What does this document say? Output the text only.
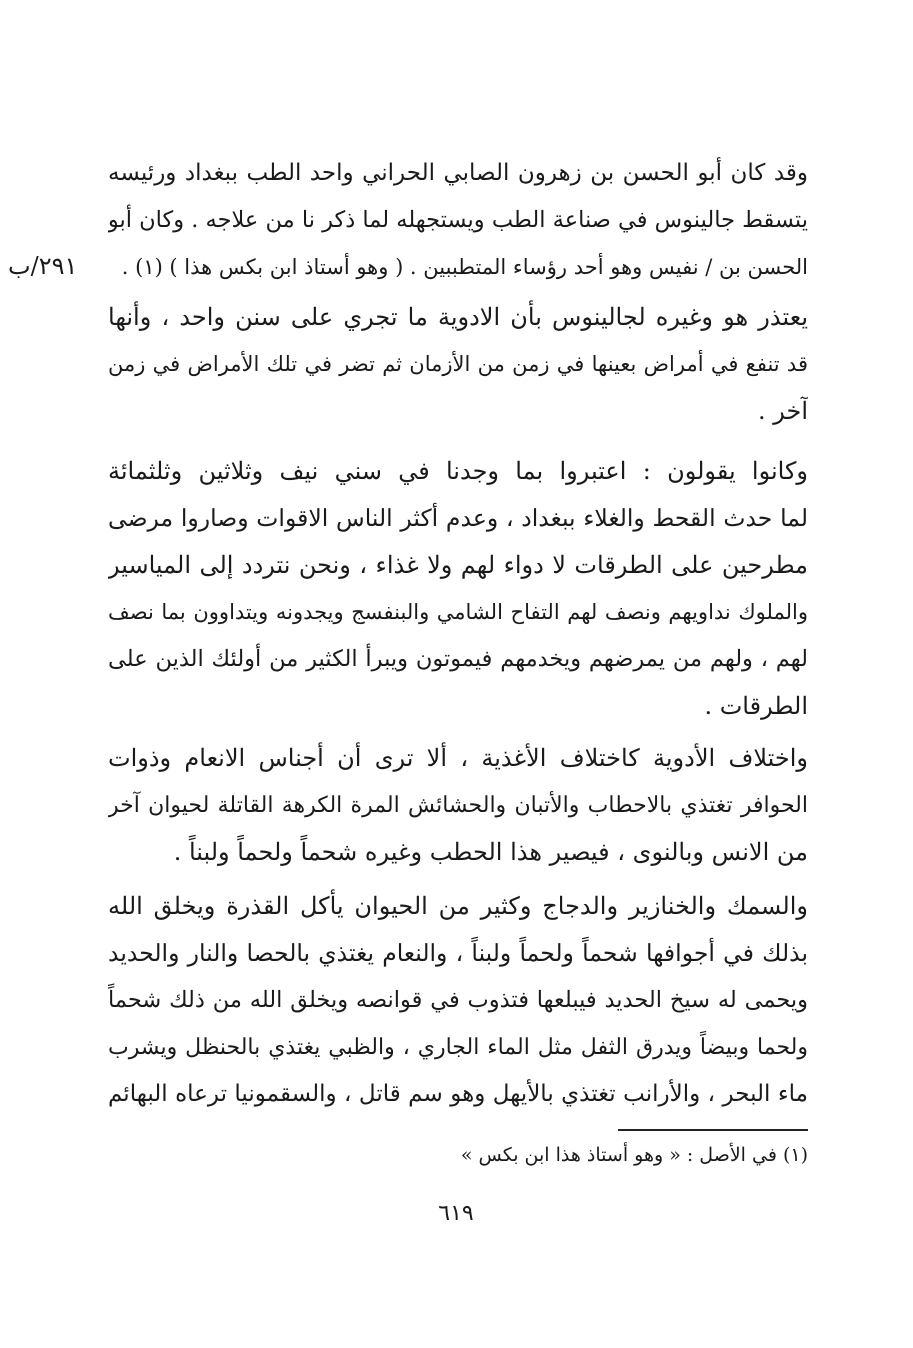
٢٩١/ب
وقد كان أبو الحسن بن زهرون الصابي الحراني واحد الطب ببغداد ورئيسه
يتسقط جالينوس في صناعة الطب ويستجهله لما ذكر نا من علاجه . وكان أبو
الحسن بن / نفيس وهو أحد رؤساء المتطببين . ( وهو أستاذ ابن بكس هذا ) (١) .
يعتذر هو وغيره لجالينوس بأن الادوية ما تجري على سنن واحد ، وأنها
قد تنفع في أمراض بعينها في زمن من الأزمان ثم تضر في تلك الأمراض في زمن
آخر .
وكانوا يقولون : اعتبروا بما وجدنا في سني نيف وثلاثين وثلثمائة
لما حدث القحط والغلاء ببغداد ، وعدم أكثر الناس الاقوات وصاروا مرضى
مطرحين على الطرقات لا دواء لهم ولا غذاء ، ونحن نتردد إلى المياسير
والملوك نداويهم ونصف لهم التفاح الشامي والبنفسج ويجدونه ويتداوون بما نصف
لهم ، ولهم من يمرضهم ويخدمهم فيموتون ويبرأ الكثير من أولئك الذين على
الطرقات .
واختلاف الأدوية كاختلاف الأغذية ، ألا ترى أن أجناس الانعام وذوات
الحوافر تغتذي بالاحطاب والأتبان والحشائش المرة الكرهة القاتلة لحيوان آخر
من الانس وبالنوى ، فيصير هذا الحطب وغيره شحماً ولحماً ولبناً .
والسمك والخنازير والدجاج وكثير من الحيوان يأكل القذرة ويخلق الله
بذلك في أجوافها شحماً ولحماً ولبناً ، والنعام يغتذي بالحصا والنار والحديد
ويحمى له سيخ الحديد فيبلعها فتذوب في قوانصه ويخلق الله من ذلك شحماً
ولحما وبيضاً ويدرق الثفل مثل الماء الجاري ، والظبي يغتذي بالحنظل ويشرب
ماء البحر ، والأرانب تغتذي بالأيهل وهو سم قاتل ، والسقمونيا ترعاه البهائم
(١) في الأصل : « وهو أستاذ هذا ابن بكس »
٦١٩
